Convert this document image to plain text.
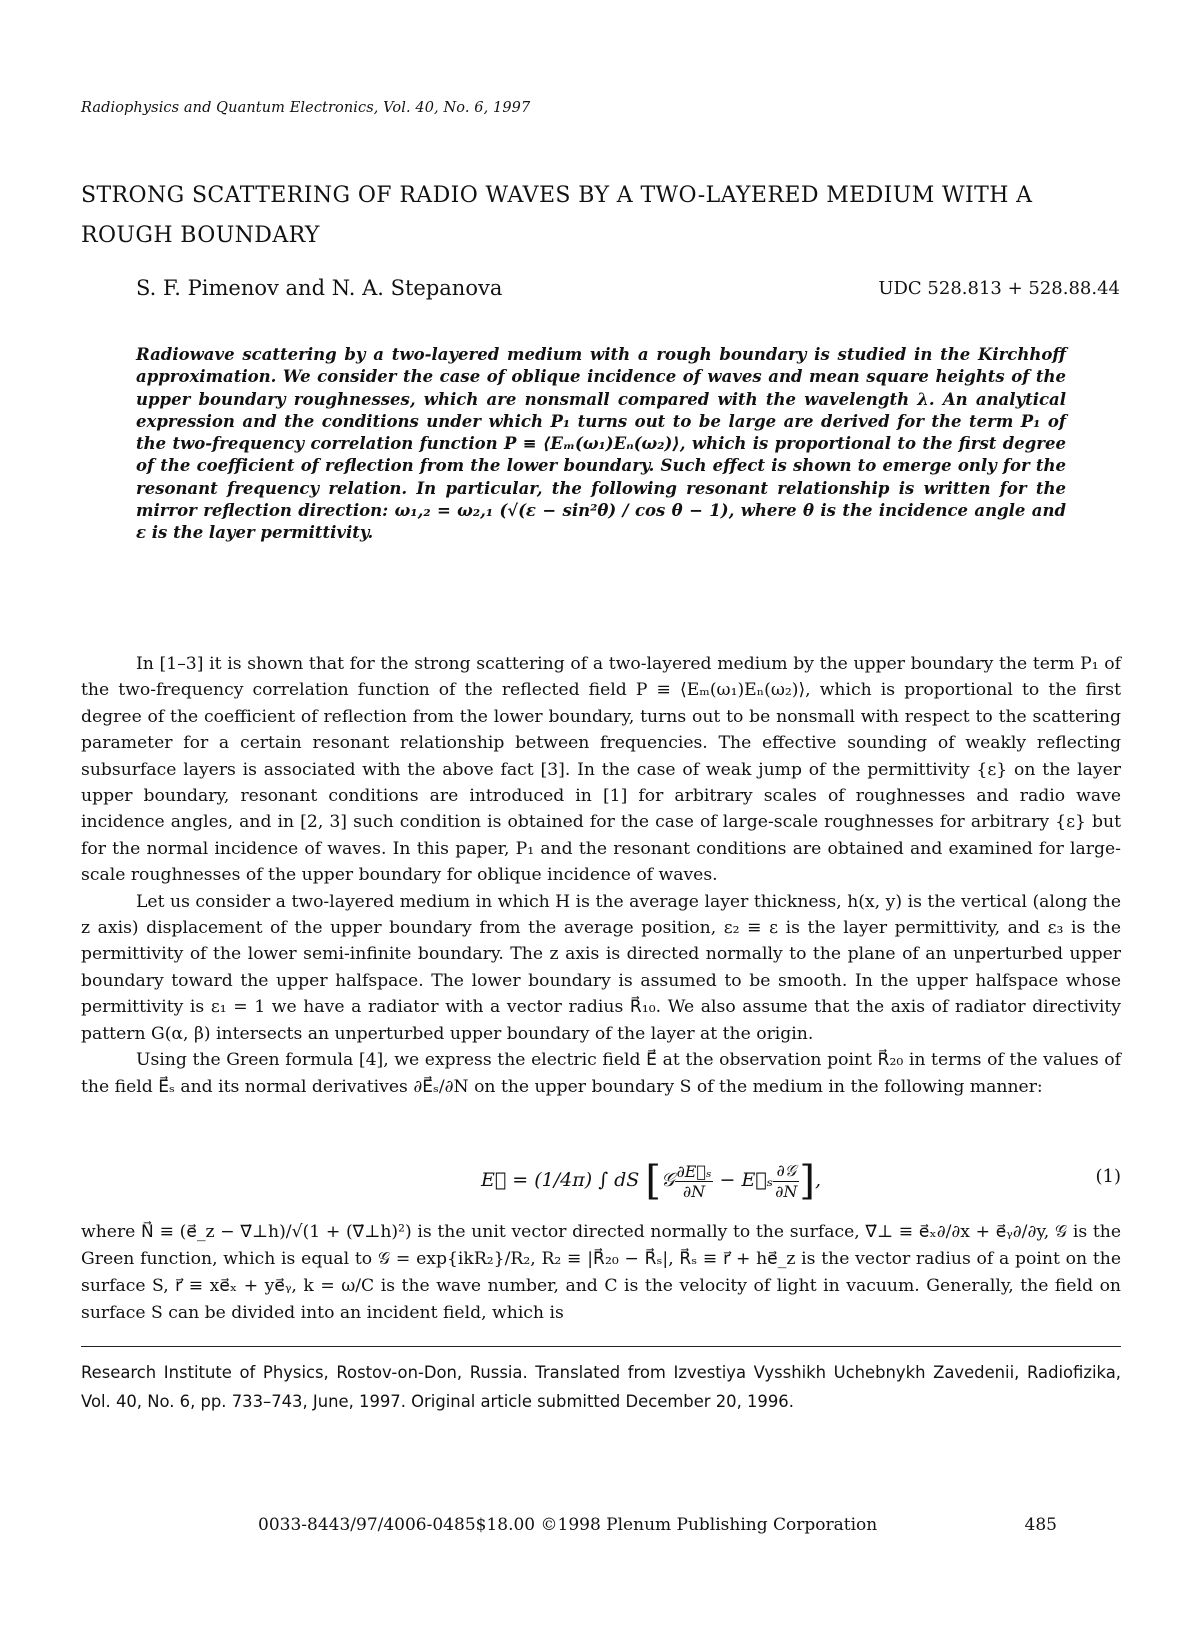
Radiophysics and Quantum Electronics, Vol. 40, No. 6, 1997
STRONG SCATTERING OF RADIO WAVES BY A TWO-LAYERED MEDIUM WITH A ROUGH BOUNDARY
S. F. Pimenov and N. A. Stepanova	UDC 528.813 + 528.88.44
Radiowave scattering by a two-layered medium with a rough boundary is studied in the Kirchhoff approximation. We consider the case of oblique incidence of waves and mean square heights of the upper boundary roughnesses, which are nonsmall compared with the wavelength λ. An analytical expression and the conditions under which P₁ turns out to be large are derived for the term P₁ of the two-frequency correlation function P ≡ ⟨Eₘ(ω₁)Eₙ(ω₂)⟩, which is proportional to the first degree of the coefficient of reflection from the lower boundary. Such effect is shown to emerge only for the resonant frequency relation. In particular, the following resonant relationship is written for the mirror reflection direction: ω₁,₂ = ω₂,₁ (√(ε − sin²θ) / cos θ − 1), where θ is the incidence angle and ε is the layer permittivity.

In [1–3] it is shown that for the strong scattering of a two-layered medium by the upper boundary the term P₁ of the two-frequency correlation function of the reflected field P ≡ ⟨Eₘ(ω₁)Eₙ(ω₂)⟩, which is proportional to the first degree of the coefficient of reflection from the lower boundary, turns out to be nonsmall with respect to the scattering parameter for a certain resonant relationship between frequencies. The effective sounding of weakly reflecting subsurface layers is associated with the above fact [3]. In the case of weak jump of the permittivity {ε} on the layer upper boundary, resonant conditions are introduced in [1] for arbitrary scales of roughnesses and radio wave incidence angles, and in [2, 3] such condition is obtained for the case of large-scale roughnesses for arbitrary {ε} but for the normal incidence of waves. In this paper, P₁ and the resonant conditions are obtained and examined for large-scale roughnesses of the upper boundary for oblique incidence of waves.

Let us consider a two-layered medium in which H is the average layer thickness, h(x, y) is the vertical (along the z axis) displacement of the upper boundary from the average position, ε₂ ≡ ε is the layer permittivity, and ε₃ is the permittivity of the lower semi-infinite boundary. The z axis is directed normally to the plane of an unperturbed upper boundary toward the upper halfspace. The lower boundary is assumed to be smooth. In the upper halfspace whose permittivity is ε₁ = 1 we have a radiator with a vector radius R⃗₁₀. We also assume that the axis of radiator directivity pattern G(α, β) intersects an unperturbed upper boundary of the layer at the origin.

Using the Green formula [4], we express the electric field E⃗ at the observation point R⃗₂₀ in terms of the values of the field E⃗ₛ and its normal derivatives ∂E⃗ₛ/∂N on the upper boundary S of the medium in the following manner:

E⃗ = (1/4π) ∫ dS [𝒢 $\frac{\text{∂E⃗ₛ}}{\partial N}$ − E⃗ₛ $\frac{\text{∂𝒢}}{\partial N}$ ],	(1)

where N⃗ ≡ (e⃗_z − ∇⃗⊥h)/√(1 + (∇⃗⊥h)²) is the unit vector directed normally to the surface, ∇⃗⊥ ≡ e⃗ₓ∂/∂x + e⃗ᵧ∂/∂y, 𝒢 is the Green function, which is equal to 𝒢 = exp{ikR₂}/R₂, R₂ ≡ |R⃗₂₀ − R⃗ₛ|, R⃗ₛ ≡ r⃗ + he⃗_z is the vector radius of a point on the surface S, r⃗ ≡ xe⃗ₓ + ye⃗ᵧ, k = ω/C is the wave number, and C is the velocity of light in vacuum. Generally, the field on surface S can be divided into an incident field, which is

Research Institute of Physics, Rostov-on-Don, Russia. Translated from Izvestiya Vysshikh Uchebnykh Zavedenii, Radiofizika, Vol. 40, No. 6, pp. 733–743, June, 1997. Original article submitted December 20, 1996.
0033-8443/97/4006-0485$18.00 ©1998 Plenum Publishing Corporation	485
